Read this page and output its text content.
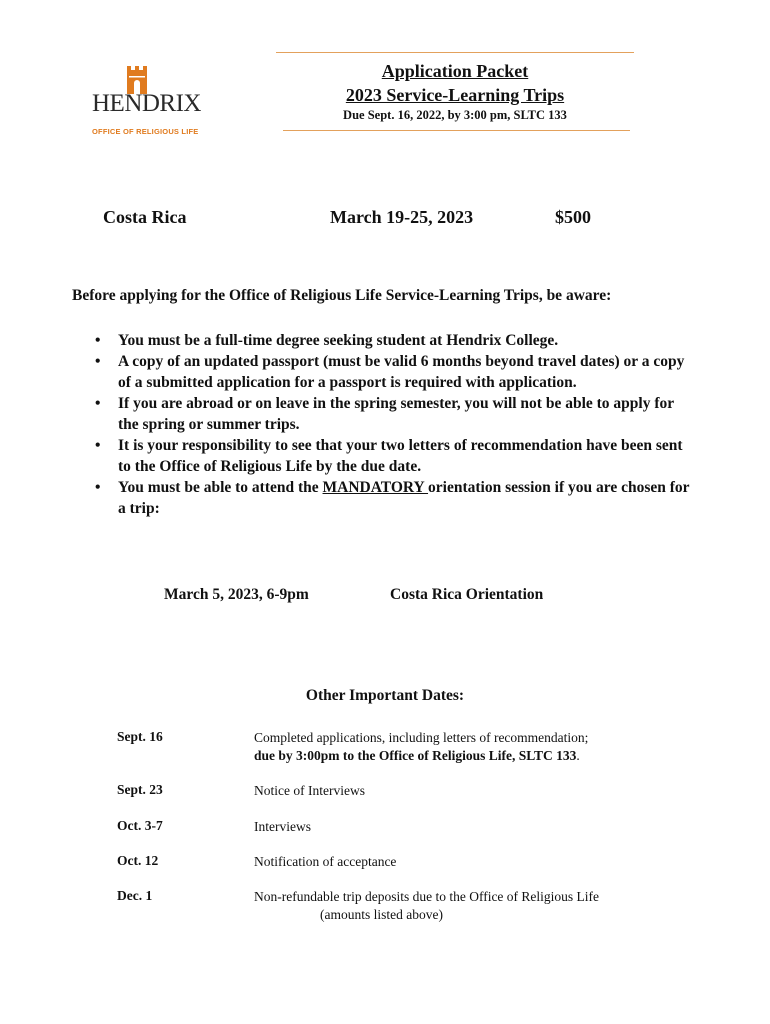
HENDRIX
OFFICE OF RELIGIOUS LIFE
Application Packet
2023 Service-Learning Trips
Due Sept. 16, 2022, by 3:00 pm, SLTC 133
Costa Rica	March 19-25, 2023	$500
Before applying for the Office of Religious Life Service-Learning Trips, be aware:
• You must be a full-time degree seeking student at Hendrix College.
• A copy of an updated passport (must be valid 6 months beyond travel dates) or a copy of a submitted application for a passport is required with application.
• If you are abroad or on leave in the spring semester, you will not be able to apply for the spring or summer trips.
• It is your responsibility to see that your two letters of recommendation have been sent to the Office of Religious Life by the due date.
• You must be able to attend the MANDATORY orientation session if you are chosen for a trip:
March 5, 2023, 6-9pm	Costa Rica Orientation
Other Important Dates:
Sept. 16	Completed applications, including letters of recommendation;
due by 3:00pm to the Office of Religious Life, SLTC 133.
Sept. 23	Notice of Interviews
Oct. 3-7	Interviews
Oct. 12	Notification of acceptance
Dec. 1	Non-refundable trip deposits due to the Office of Religious Life
(amounts listed above)
